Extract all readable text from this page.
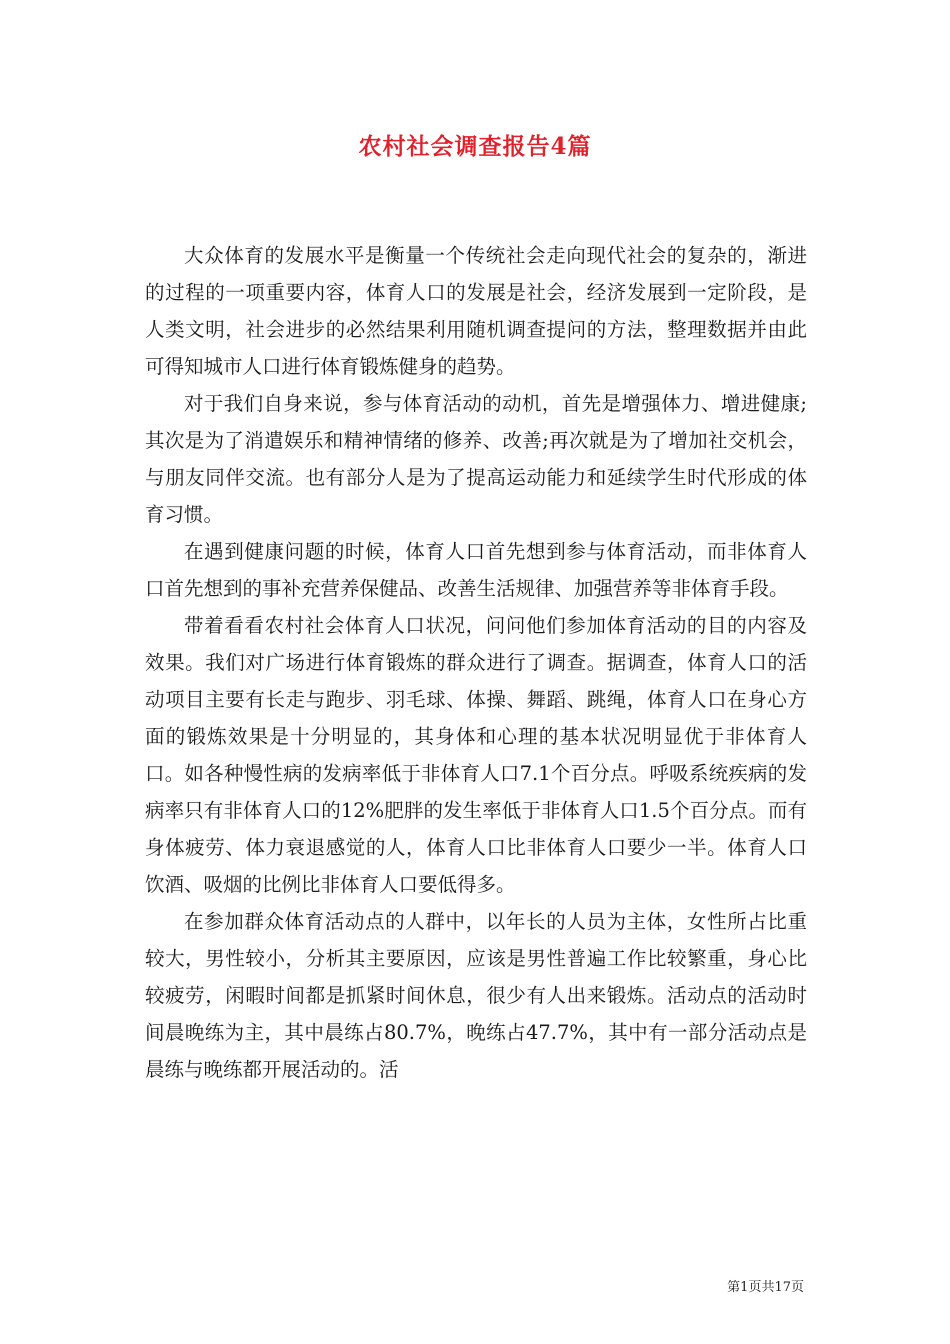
农村社会调查报告4篇

大众体育的发展水平是衡量一个传统社会走向现代社会的复杂的，渐进的过程的一项重要内容，体育人口的发展是社会，经济发展到一定阶段，是人类文明，社会进步的必然结果利用随机调查提问的方法，整理数据并由此可得知城市人口进行体育锻炼健身的趋势。

对于我们自身来说，参与体育活动的动机，首先是增强体力、增进健康;其次是为了消遣娱乐和精神情绪的修养、改善;再次就是为了增加社交机会，与朋友同伴交流。也有部分人是为了提高运动能力和延续学生时代形成的体育习惯。

在遇到健康问题的时候，体育人口首先想到参与体育活动，而非体育人口首先想到的事补充营养保健品、改善生活规律、加强营养等非体育手段。

带着看看农村社会体育人口状况，问问他们参加体育活动的目的内容及效果。我们对广场进行体育锻炼的群众进行了调查。据调查，体育人口的活动项目主要有长走与跑步、羽毛球、体操、舞蹈、跳绳，体育人口在身心方面的锻炼效果是十分明显的，其身体和心理的基本状况明显优于非体育人口。如各种慢性病的发病率低于非体育人口7.1个百分点。呼吸系统疾病的发病率只有非体育人口的12%肥胖的发生率低于非体育人口1.5个百分点。而有身体疲劳、体力衰退感觉的人，体育人口比非体育人口要少一半。体育人口饮酒、吸烟的比例比非体育人口要低得多。

在参加群众体育活动点的人群中，以年长的人员为主体，女性所占比重较大，男性较小，分析其主要原因，应该是男性普遍工作比较繁重，身心比较疲劳，闲暇时间都是抓紧时间休息，很少有人出来锻炼。活动点的活动时间晨晚练为主，其中晨练占80.7%，晚练占47.7%，其中有一部分活动点是晨练与晚练都开展活动的。活

第1页共17页
